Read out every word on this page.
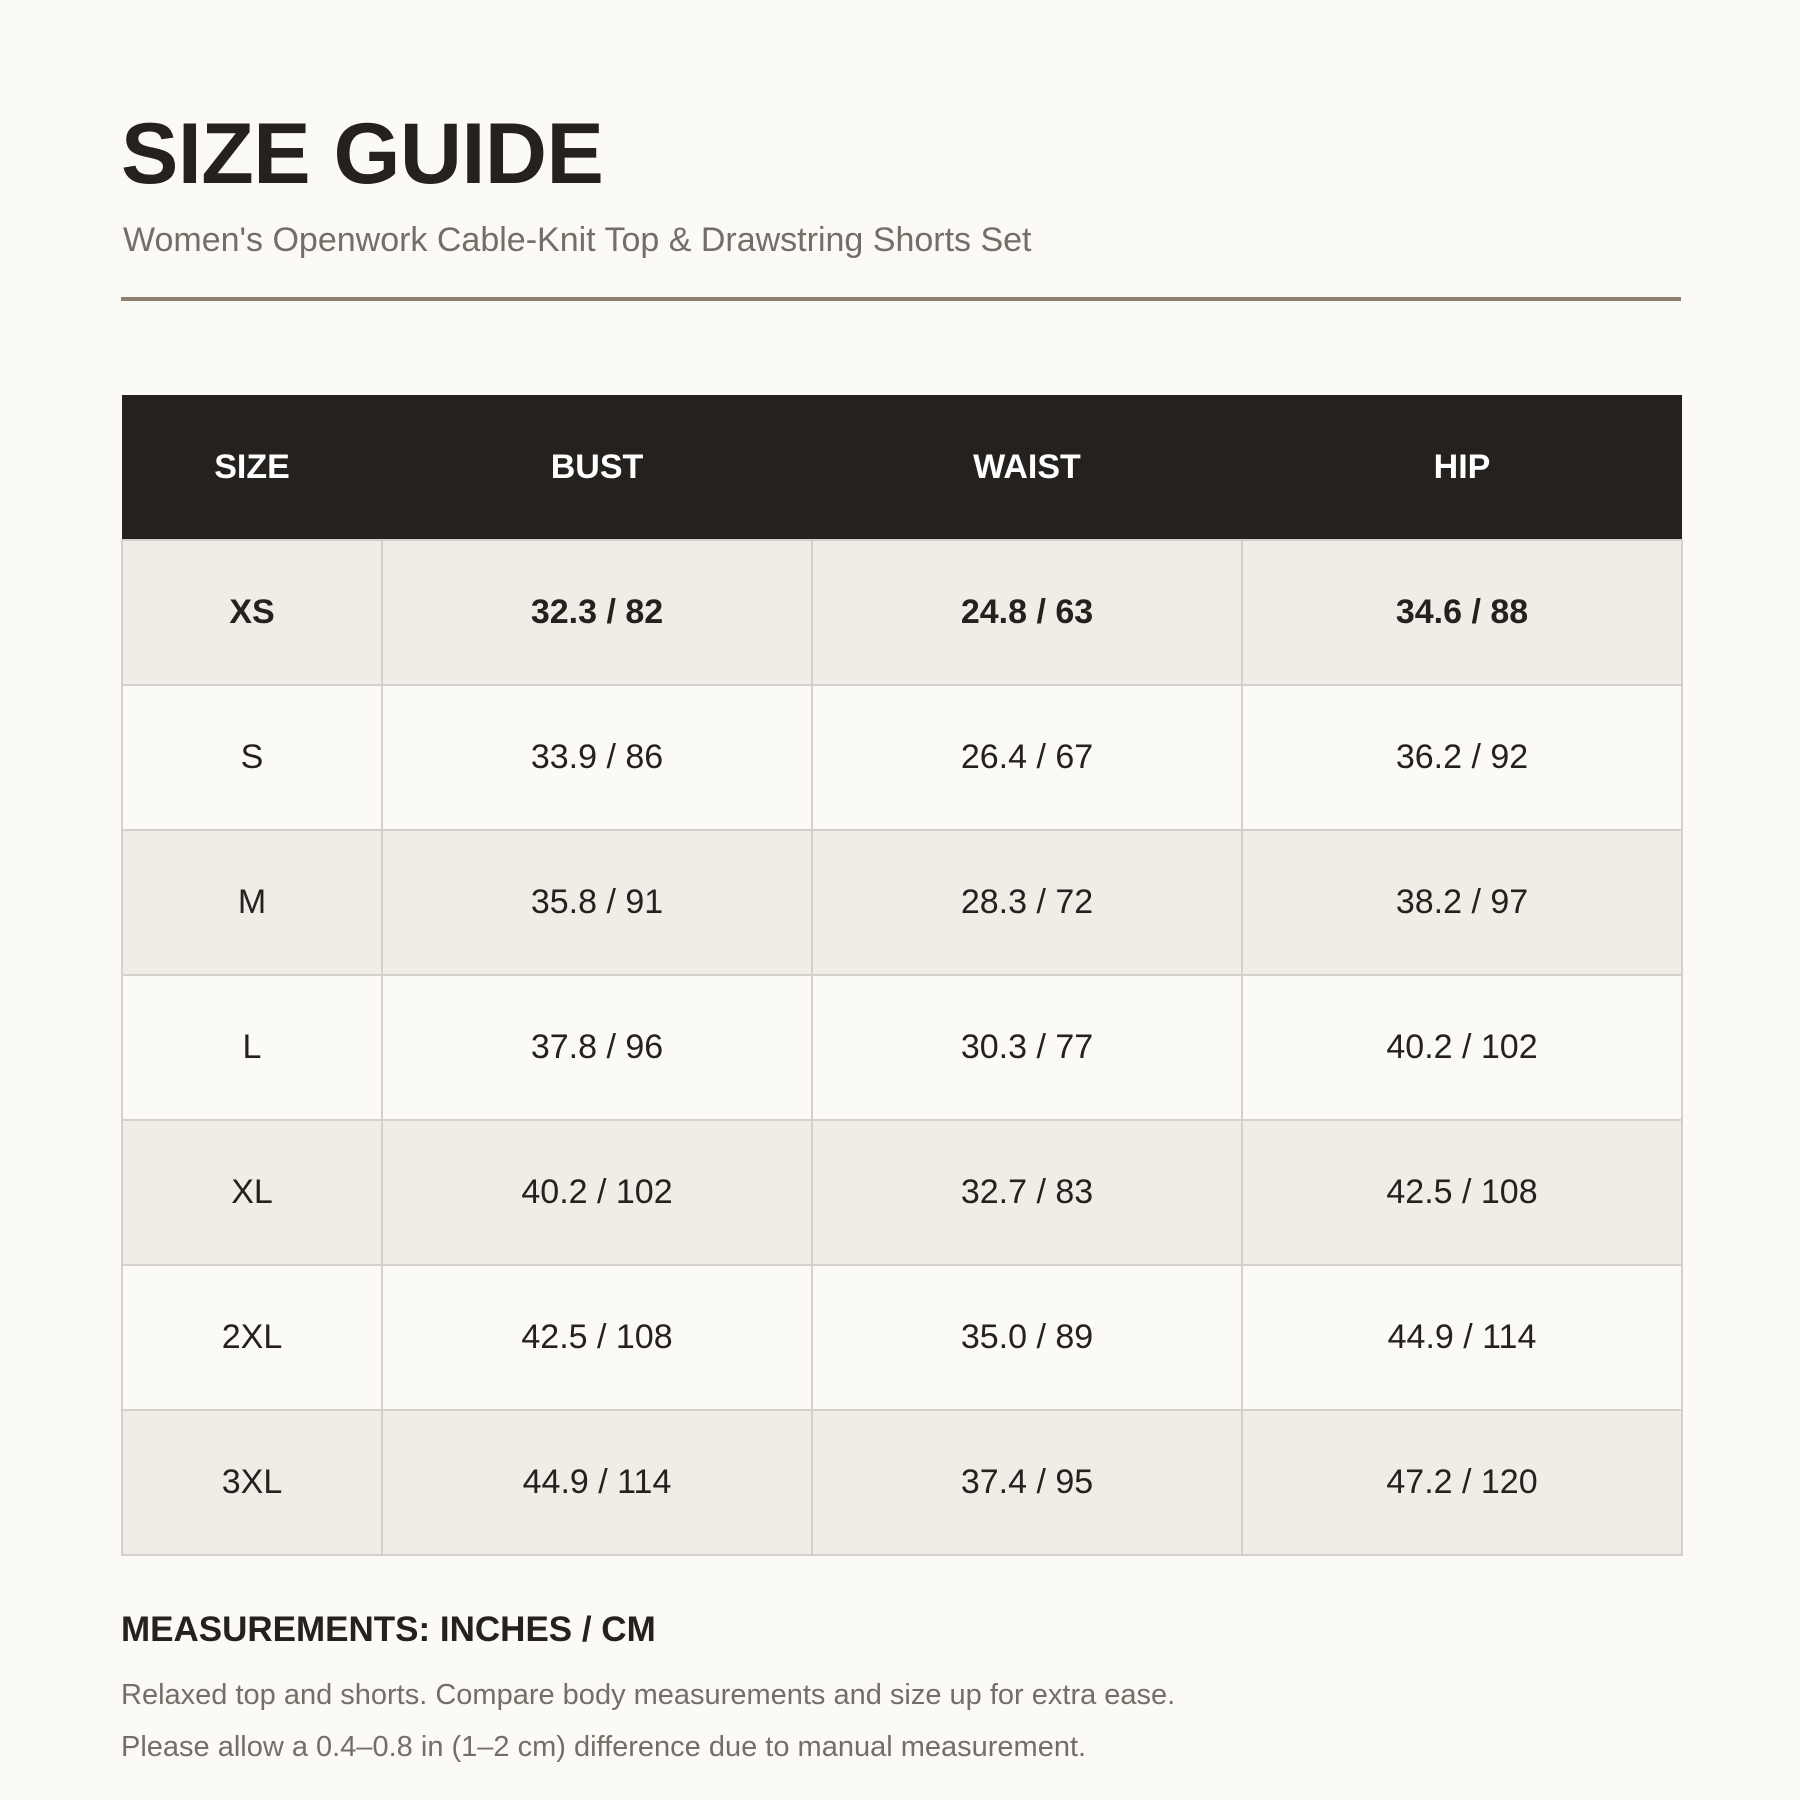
SIZE GUIDE
Women's Openwork Cable-Knit Top & Drawstring Shorts Set
SIZE	BUST	WAIST	HIP
XS	32.3 / 82	24.8 / 63	34.6 / 88
S	33.9 / 86	26.4 / 67	36.2 / 92
M	35.8 / 91	28.3 / 72	38.2 / 97
L	37.8 / 96	30.3 / 77	40.2 / 102
XL	40.2 / 102	32.7 / 83	42.5 / 108
2XL	42.5 / 108	35.0 / 89	44.9 / 114
3XL	44.9 / 114	37.4 / 95	47.2 / 120
MEASUREMENTS: INCHES / CM
Relaxed top and shorts. Compare body measurements and size up for extra ease.
Please allow a 0.4–0.8 in (1–2 cm) difference due to manual measurement.
